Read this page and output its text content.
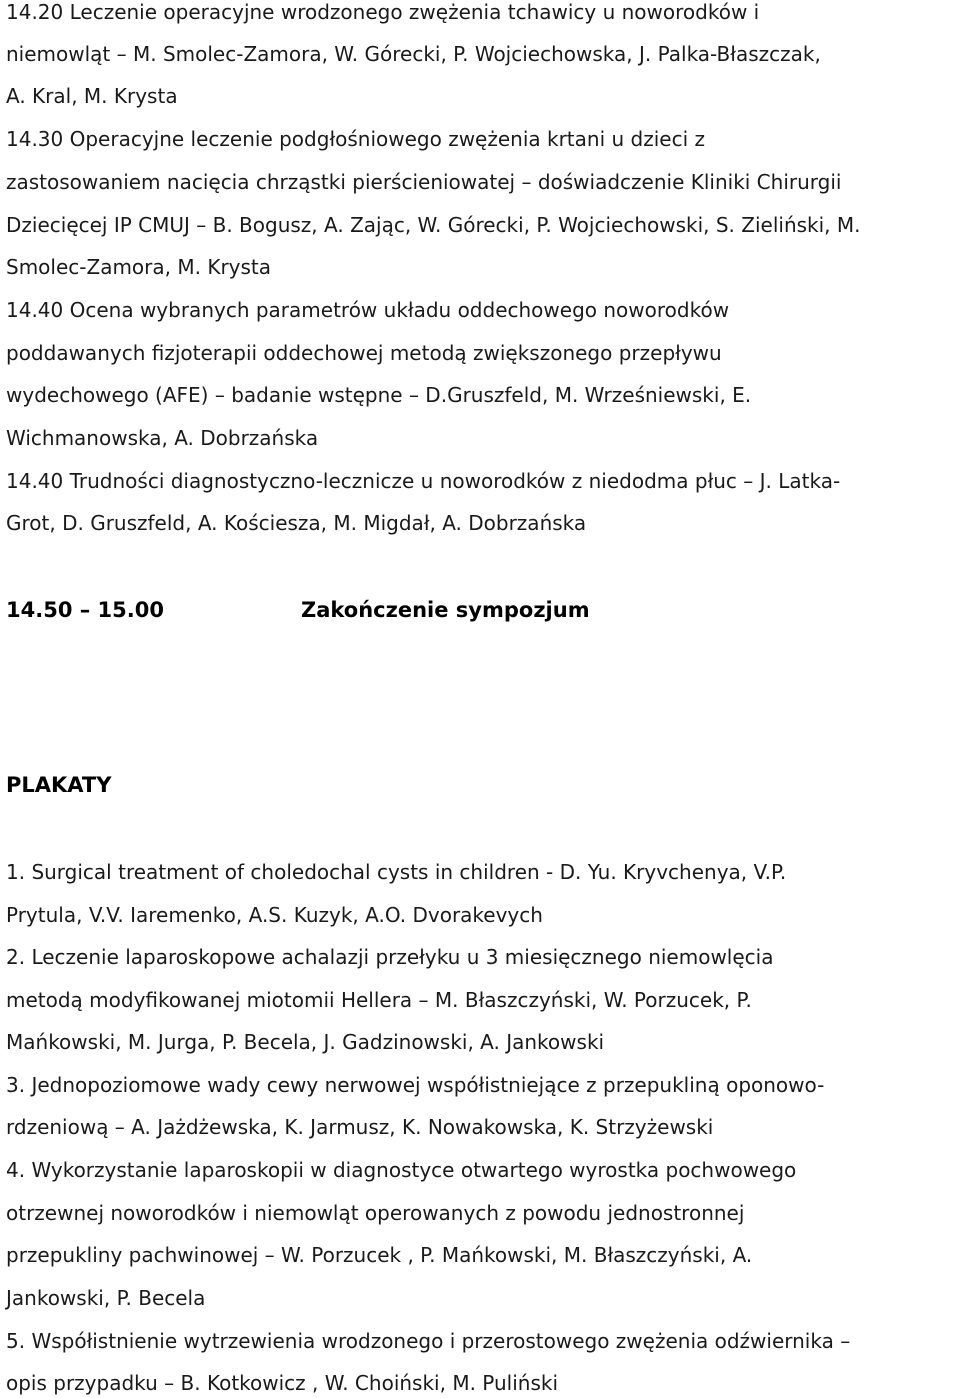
14.20 Leczenie operacyjne wrodzonego zwężenia tchawicy u noworodków i
niemowląt – M. Smolec-Zamora, W. Górecki, P. Wojciechowska, J. Palka-Błaszczak,
A. Kral, M. Krysta
14.30 Operacyjne leczenie podgłośniowego zwężenia krtani u dzieci z
zastosowaniem nacięcia chrząstki pierścieniowatej – doświadczenie Kliniki Chirurgii
Dziecięcej IP CMUJ – B. Bogusz, A. Zając, W. Górecki, P. Wojciechowski, S. Zieliński, M.
Smolec-Zamora, M. Krysta
14.40 Ocena wybranych parametrów układu oddechowego noworodków
poddawanych fizjoterapii oddechowej metodą zwiększonego przepływu
wydechowego (AFE) – badanie wstępne – D.Gruszfeld, M. Wrześniewski, E.
Wichmanowska, A. Dobrzańska
14.40 Trudności diagnostyczno-lecznicze u noworodków z niedodma płuc – J. Latka-
Grot, D. Gruszfeld, A. Kościesza, M. Migdał, A. Dobrzańska
14.50 – 15.00	Zakończenie sympozjum
PLAKATY
1. Surgical treatment of choledochal cysts in children - D. Yu. Kryvchenya, V.P.
Prytula, V.V. Iaremenko, A.S. Kuzyk, A.O. Dvorakevych
2. Leczenie laparoskopowe achalazji przełyku u 3 miesięcznego niemowlęcia
metodą modyfikowanej miotomii Hellera – M. Błaszczyński, W. Porzucek, P.
Mańkowski, M. Jurga, P. Becela, J. Gadzinowski, A. Jankowski
3. Jednopoziomowe wady cewy nerwowej współistniejące z przepukliną oponowo-
rdzeniową – A. Jażdżewska, K. Jarmusz, K. Nowakowska, K. Strzyżewski
4. Wykorzystanie laparoskopii w diagnostyce otwartego wyrostka pochwowego
otrzewnej noworodków i niemowląt operowanych z powodu jednostronnej
przepukliny pachwinowej – W. Porzucek , P. Mańkowski, M. Błaszczyński, A.
Jankowski, P. Becela
5. Współistnienie wytrzewienia wrodzonego i przerostowego zwężenia odźwiernika –
opis przypadku – B. Kotkowicz , W. Choiński, M. Puliński
